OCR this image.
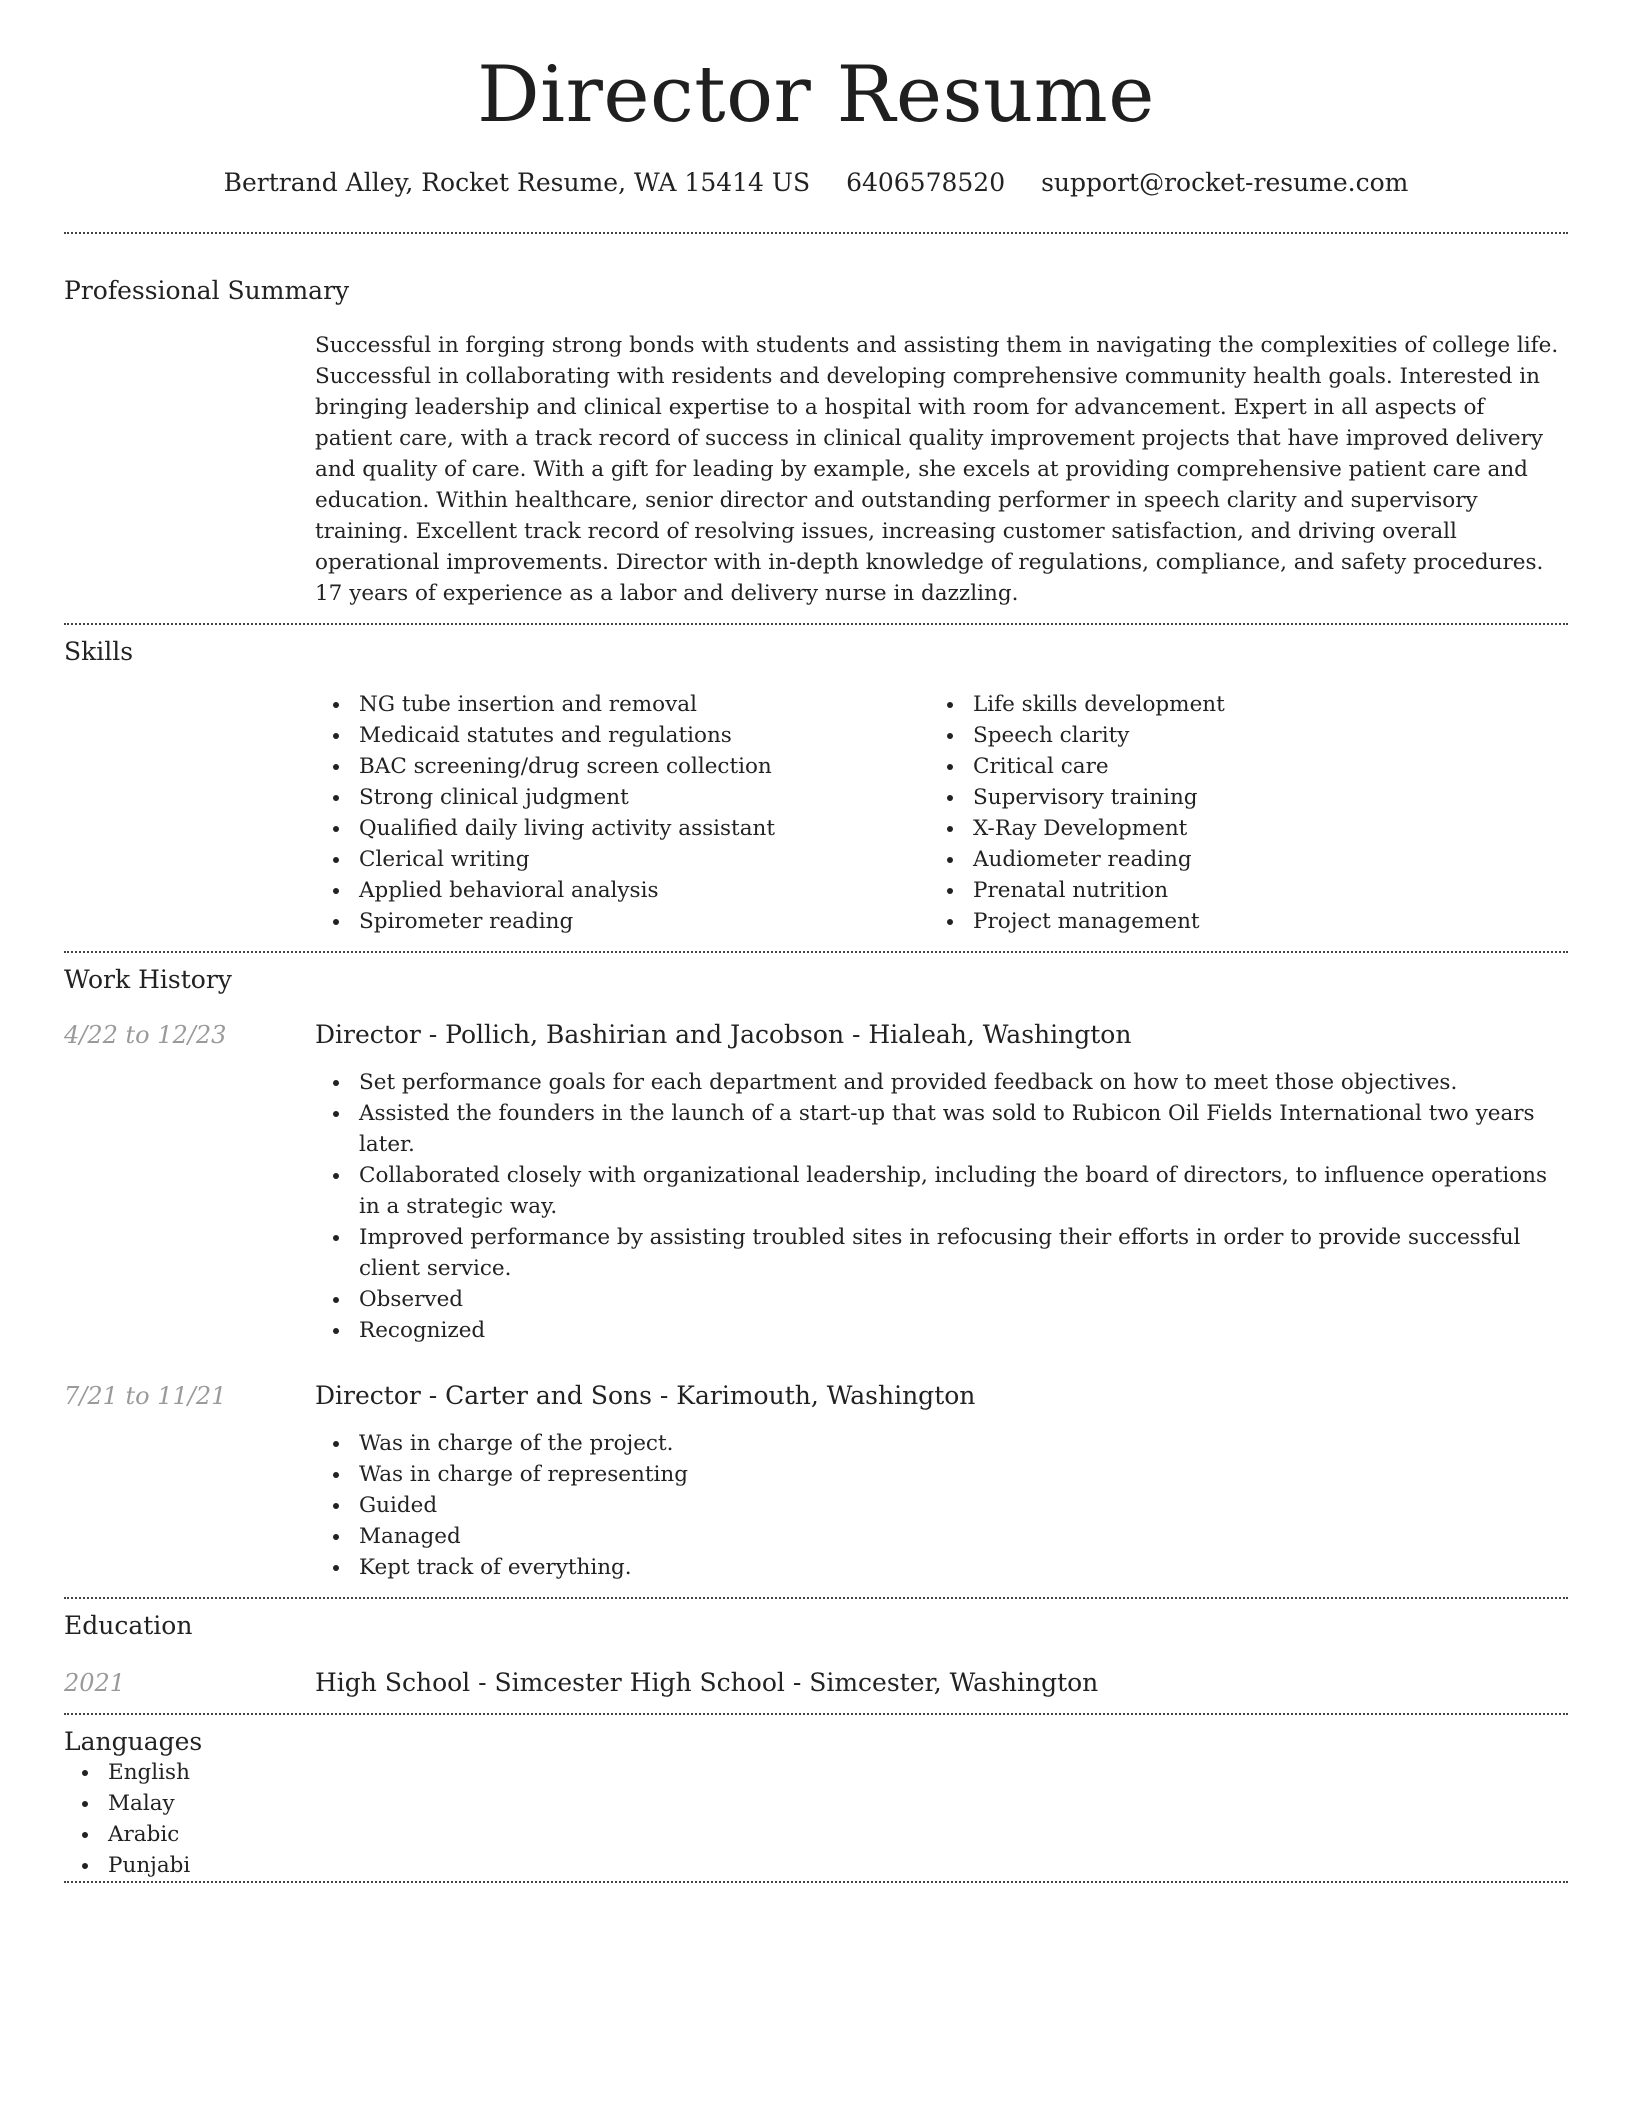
Director Resume
Bertrand Alley, Rocket Resume, WA 15414 US 6406578520 support@rocket-resume.com
Professional Summary
Successful in forging strong bonds with students and assisting them in navigating the complexities of college life. Successful in collaborating with residents and developing comprehensive community health goals. Interested in bringing leadership and clinical expertise to a hospital with room for advancement. Expert in all aspects of patient care, with a track record of success in clinical quality improvement projects that have improved delivery and quality of care. With a gift for leading by example, she excels at providing comprehensive patient care and education. Within healthcare, senior director and outstanding performer in speech clarity and supervisory training. Excellent track record of resolving issues, increasing customer satisfaction, and driving overall operational improvements. Director with in-depth knowledge of regulations, compliance, and safety procedures. 17 years of experience as a labor and delivery nurse in dazzling.
Skills
NG tube insertion and removal
Medicaid statutes and regulations
BAC screening/drug screen collection
Strong clinical judgment
Qualified daily living activity assistant
Clerical writing
Applied behavioral analysis
Spirometer reading
Life skills development
Speech clarity
Critical care
Supervisory training
X-Ray Development
Audiometer reading
Prenatal nutrition
Project management
Work History
4/22 to 12/23	Director - Pollich, Bashirian and Jacobson - Hialeah, Washington
Set performance goals for each department and provided feedback on how to meet those objectives.
Assisted the founders in the launch of a start-up that was sold to Rubicon Oil Fields International two years later.
Collaborated closely with organizational leadership, including the board of directors, to influence operations in a strategic way.
Improved performance by assisting troubled sites in refocusing their efforts in order to provide successful client service.
Observed
Recognized
7/21 to 11/21	Director - Carter and Sons - Karimouth, Washington
Was in charge of the project.
Was in charge of representing
Guided
Managed
Kept track of everything.
Education
2021	High School - Simcester High School - Simcester, Washington
Languages
English
Malay
Arabic
Punjabi
